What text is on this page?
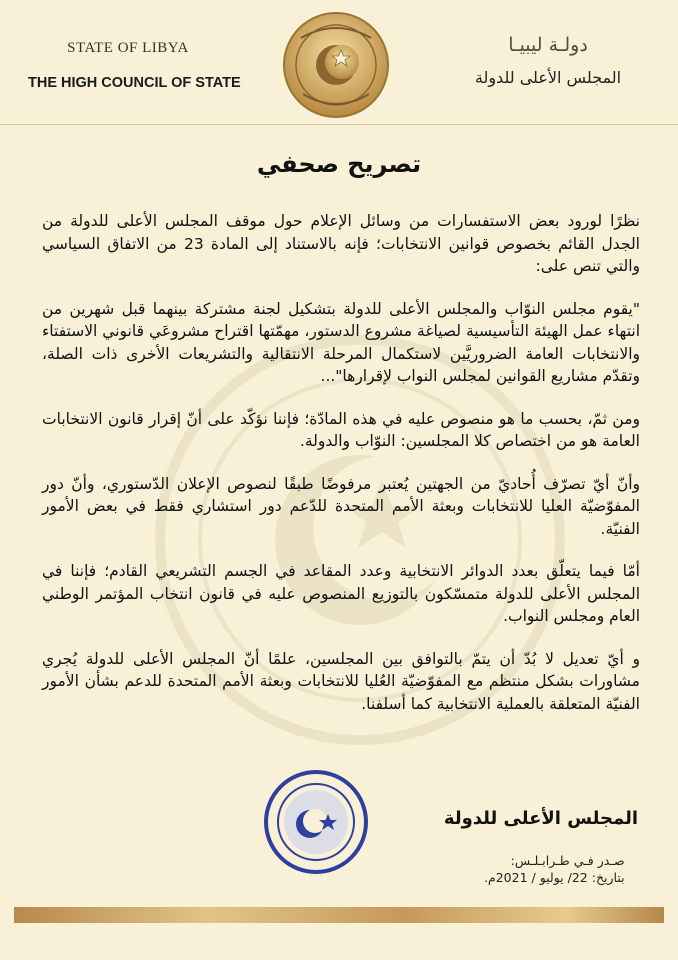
STATE OF LIBYA
THE HIGH COUNCIL OF STATE
دولـة ليبيـا
المجلس الأعلى للدولة
تصريح صحفي

نظرًا لورود بعض الاستفسارات من وسائل الإعلام حول موقف المجلس الأعلى للدولة من الجدل القائم بخصوص قوانين الانتخابات؛ فإنه بالاستناد إلى المادة 23 من الاتفاق السياسي والتي تنص على:

"يقوم مجلس النوّاب والمجلس الأعلى للدولة بتشكيل لجنة مشتركة بينهما قبل شهرين من انتهاء عمل الهيئة التأسيسية لصياغة مشروع الدستور، مهمّتها اقتراح مشروعَي قانوني الاستفتاء والانتخابات العامة الضروريَّين لاستكمال المرحلة الانتقالية والتشريعات الأخرى ذات الصلة، وتقدّم مشاريع القوانين لمجلس النواب لإقرارها"...

ومن ثمّ، بحسب ما هو منصوص عليه في هذه المادّة؛ فإننا نؤكّد على أنّ إقرار قانون الانتخابات العامة هو من اختصاص كلا المجلسين: النوّاب والدولة.

وأنّ أيّ تصرّف أُحاديّ من الجهتين يُعتبر مرفوضًا طبقًا لنصوص الإعلان الدّستوري، وأنّ دور المفوّضيّة العليا للانتخابات وبعثة الأمم المتحدة للدّعم دور استشاري فقط في بعض الأمور الفنيّة.

أمّا فيما يتعلّق بعدد الدوائر الانتخابية وعدد المقاعد في الجسم التشريعي القادم؛ فإننا في المجلس الأعلى للدولة متمسّكون بالتوزيع المنصوص عليه في قانون انتخاب المؤتمر الوطني العام ومجلس النواب.

و أيّ تعديل لا بُدّ أن يتمّ بالتوافق بين المجلسين، علمًا أنّ المجلس الأعلى للدولة يُجري مشاورات بشكل منتظم مع المفوّضيّة العُليا للانتخابات وبعثة الأمم المتحدة للدعم بشأن الأمور الفنيّة المتعلقة بالعملية الانتخابية كما أسلفنا.

المجلس الأعلى للدولة
صـدر فـي طـرابـلـس:
بتاريخ: 22/ يوليو / 2021م.
